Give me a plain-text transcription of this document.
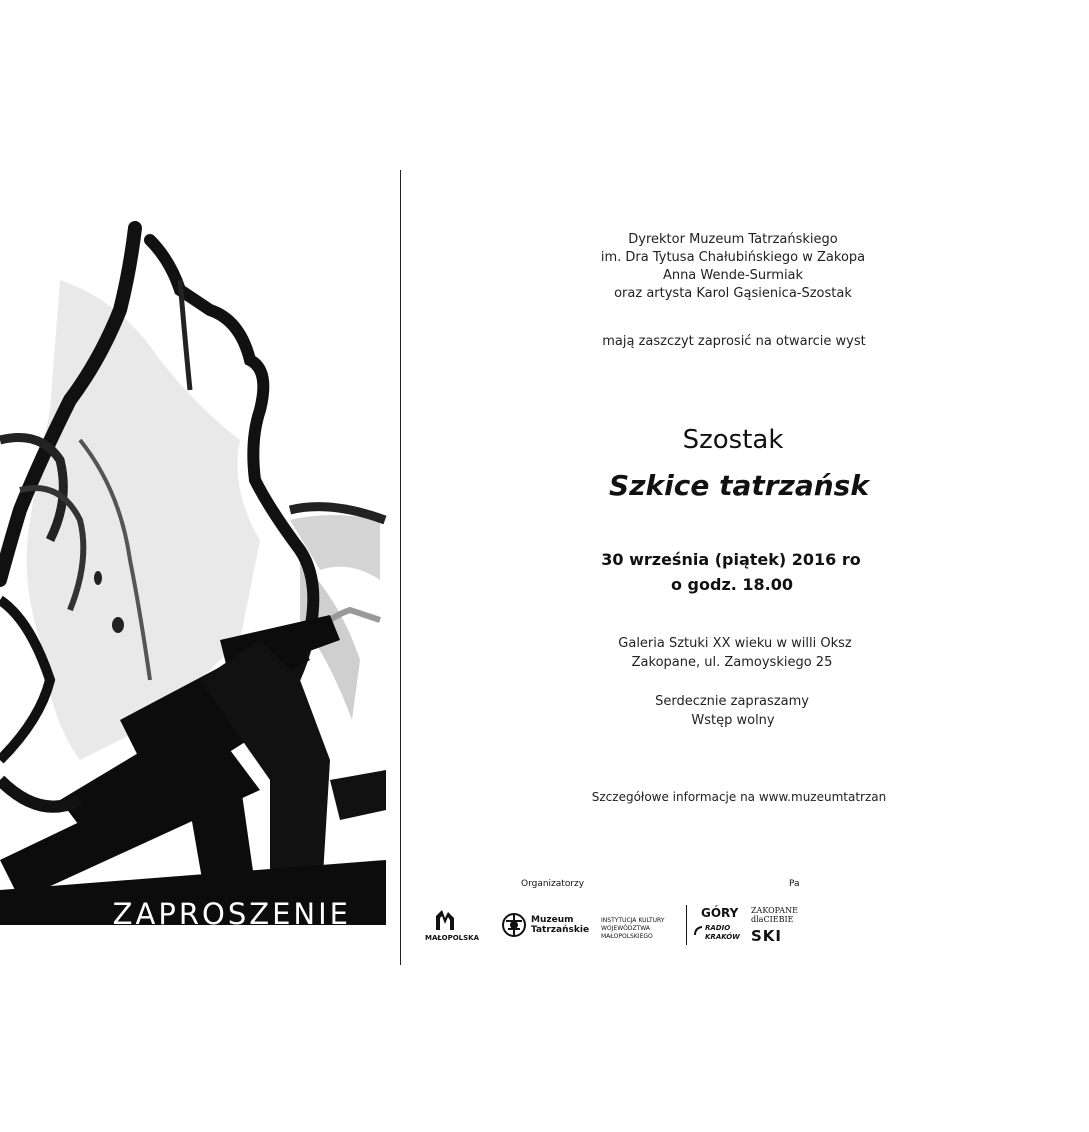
ZAPROSZENIE
Dyrektor Muzeum Tatrzańskiego
im. Dra Tytusa Chałubińskiego w Zakopa
Anna Wende-Surmiak
oraz artysta Karol Gąsienica-Szostak
mają zaszczyt zaprosić na otwarcie wyst
Szostak
Szkice tatrzańsk
30 września (piątek) 2016 ro
o godz. 18.00
Galeria Sztuki XX wieku w willi Oksz
Zakopane, ul. Zamoyskiego 25
Serdecznie zapraszamy
Wstęp wolny
Szczegółowe informacje na www.muzeumtatrzan
Organizatorzy	Pa
MAŁOPOLSKA
Muzeum
Tatrzańskie
INSTYTUCJA KULTURY
WOJEWÓDZTWA
MAŁOPOLSKIEGO
GÓRY
RADIO
KRAKÓW
ZAKOPANE
dlaCIEBIE
SKI
